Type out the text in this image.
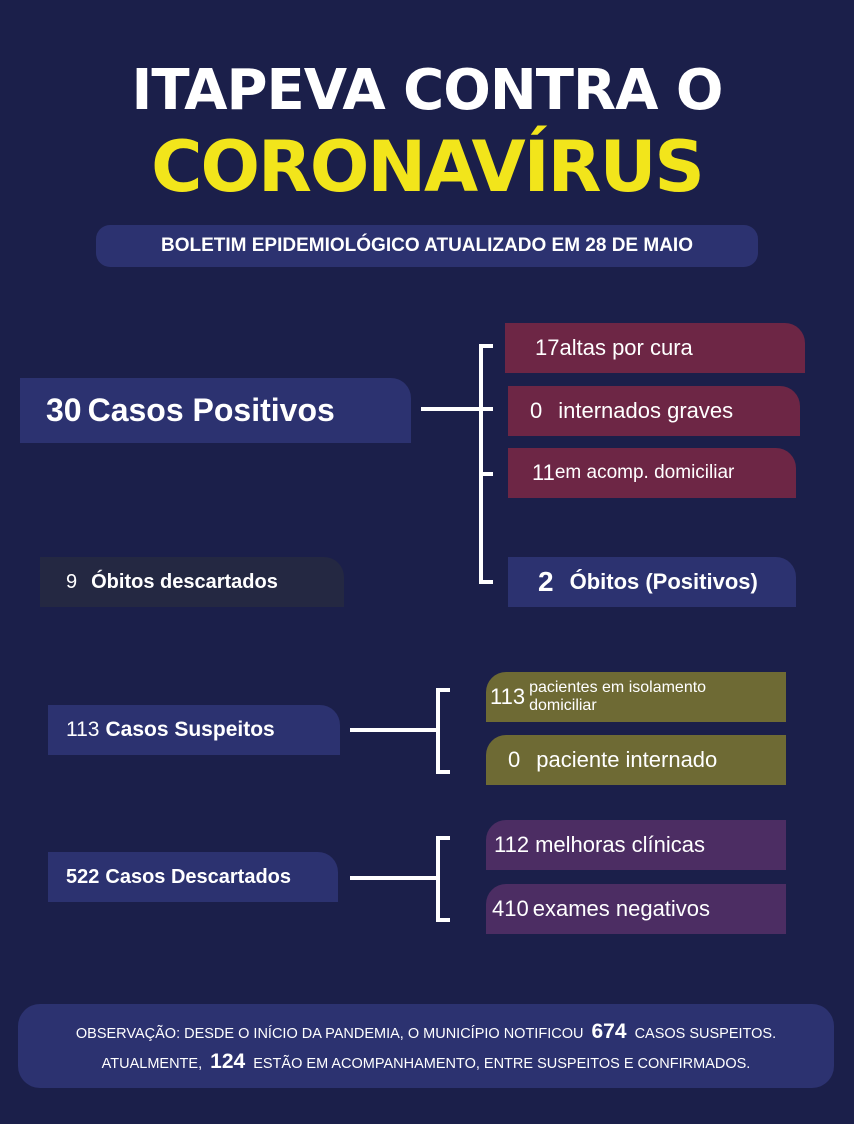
ITAPEVA CONTRA O
CORONAVÍRUS
BOLETIM EPIDEMIOLÓGICO ATUALIZADO EM 28 DE MAIO
30 Casos Positivos
17 altas por cura
0 internados graves
11 em acomp. domiciliar
2 Óbitos (Positivos)
9 Óbitos descartados
113 Casos Suspeitos
113 pacientes em isolamento
domiciliar
0 paciente internado
522 Casos Descartados
112 melhoras clínicas
410 exames negativos
OBSERVAÇÃO: DESDE O INÍCIO DA PANDEMIA, O MUNICÍPIO NOTIFICOU 674 CASOS SUSPEITOS.
ATUALMENTE, 124 ESTÃO EM ACOMPANHAMENTO, ENTRE SUSPEITOS E CONFIRMADOS.
